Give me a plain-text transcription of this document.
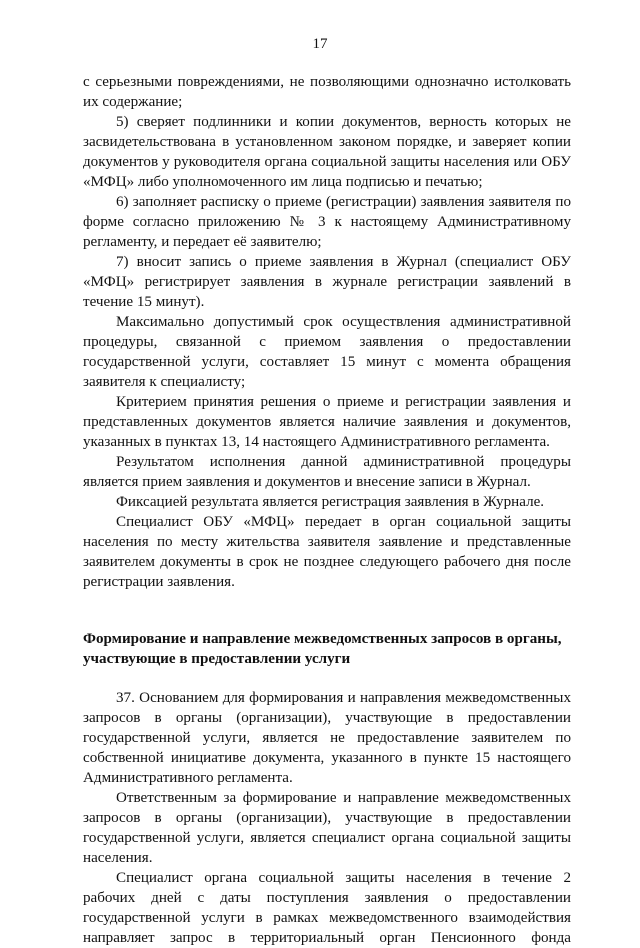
17

с серьезными повреждениями, не позволяющими однозначно истолковать их содержание;

5) сверяет подлинники и копии документов, верность которых не засвидетельствована в установленном законом порядке, и заверяет копии документов у руководителя органа социальной защиты населения или ОБУ «МФЦ» либо уполномоченного им лица подписью и печатью;

6) заполняет расписку о приеме (регистрации) заявления заявителя по форме согласно приложению № 3 к настоящему Административному регламенту, и передает её заявителю;

7) вносит запись о приеме заявления в Журнал (специалист ОБУ «МФЦ» регистрирует заявления в журнале регистрации заявлений в течение 15 минут).

Максимально допустимый срок осуществления административной процедуры, связанной с приемом заявления о предоставлении государственной услуги, составляет 15 минут с момента обращения заявителя к специалисту;

Критерием принятия решения о приеме и регистрации заявления и представленных документов является наличие заявления и документов, указанных в пунктах 13, 14 настоящего Административного регламента.

Результатом исполнения данной административной процедуры является прием заявления и документов и внесение записи в Журнал.

Фиксацией результата является регистрация заявления в Журнале.

Специалист ОБУ «МФЦ» передает в орган социальной защиты населения по месту жительства заявителя заявление и представленные заявителем документы в срок не позднее следующего рабочего дня после регистрации заявления.

Формирование и направление межведомственных запросов в органы,

участвующие в предоставлении услуги

37. Основанием для формирования и направления межведомственных запросов в органы (организации), участвующие в предоставлении государственной услуги, является не предоставление заявителем по собственной инициативе документа, указанного в пункте 15 настоящего Административного регламента.

Ответственным за формирование и направление межведомственных запросов в органы (организации), участвующие в предоставлении государственной услуги, является специалист органа социальной защиты населения.

Специалист органа социальной защиты населения в течение 2
рабочих дней с даты поступления заявления о предоставлении
государственной услуги в рамках межведомственного взаимодействия
направляет запрос в территориальный орган Пенсионного фонда
